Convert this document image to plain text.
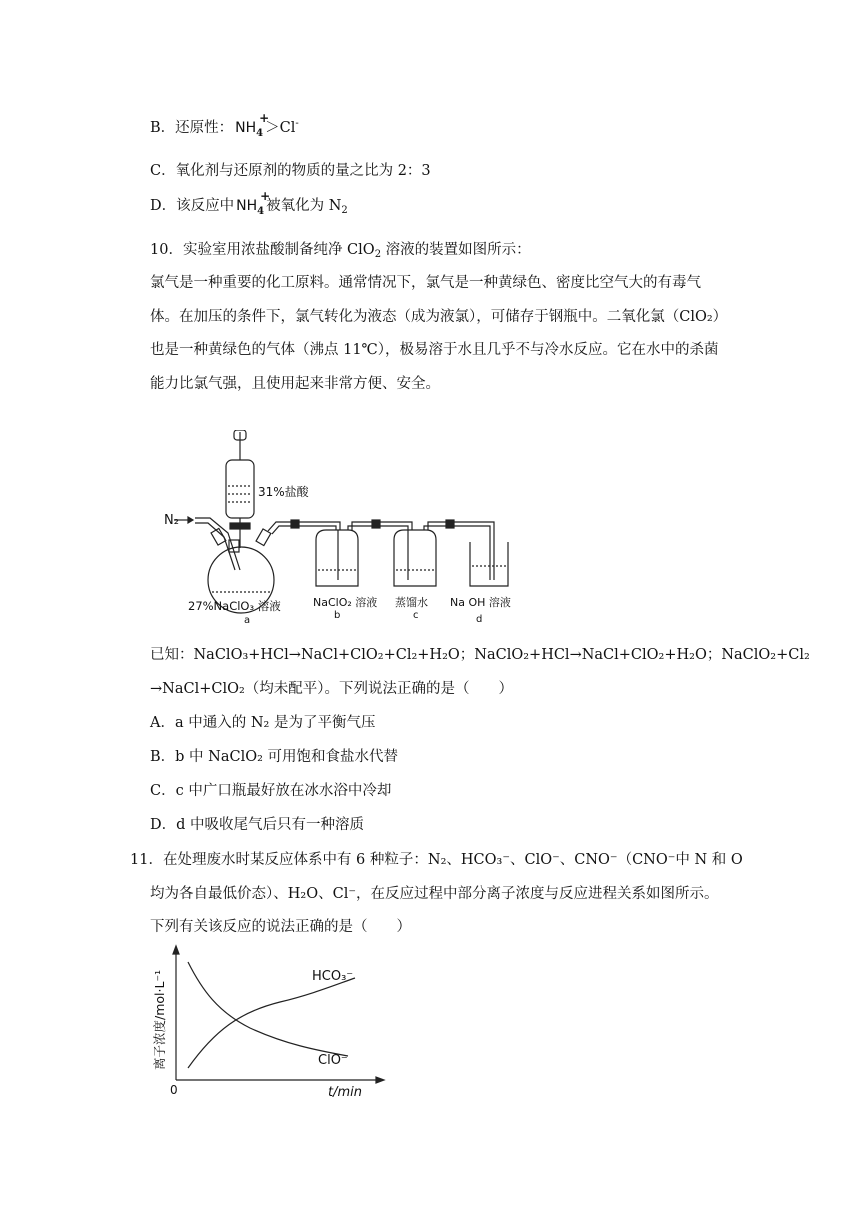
B．还原性： $NH_4$
+
＞Cl-
C．氧化剂与还原剂的物质的量之比为 2：3
D．该反应中 $NH_4$
+
被氧化为 $N_2$
10．实验室用浓盐酸制备纯净 ClO$_2$ 溶液的装置如图所示：
氯气是一种重要的化工原料。通常情况下，氯气是一种黄绿色、密度比空气大的有毒气
体。在加压的条件下，氯气转化为液态（成为液氯），可储存于钢瓶中。二氧化氯（ClO₂）
也是一种黄绿色的气体（沸点 11℃），极易溶于水且几乎不与冷水反应。它在水中的杀菌
能力比氯气强，且使用起来非常方便、安全。
N₂
31%盐酸
27%NaClO₃ 溶液
a
NaClO₂ 溶液
b
蒸馏水
c
Na OH 溶液
d
已知：NaClO₃+HCl→NaCl+ClO₂+Cl₂+H₂O；NaClO₂+HCl→NaCl+ClO₂+H₂O；NaClO₂+Cl₂
→NaCl+ClO₂（均未配平）。下列说法正确的是（　　）
A．a 中通入的 N₂ 是为了平衡气压
B．b 中 NaClO₂ 可用饱和食盐水代替
C．c 中广口瓶最好放在冰水浴中冷却
D．d 中吸收尾气后只有一种溶质
11．在处理废水时某反应体系中有 6 种粒子：N₂、HCO₃⁻、ClO⁻、CNO⁻（CNO⁻中 N 和 O
均为各自最低价态）、H₂O、Cl⁻，在反应过程中部分离子浓度与反应进程关系如图所示。
下列有关该反应的说法正确的是（　　）
0	t/min
离子浓度/mol·L⁻¹	HCO₃⁻
ClO⁻
